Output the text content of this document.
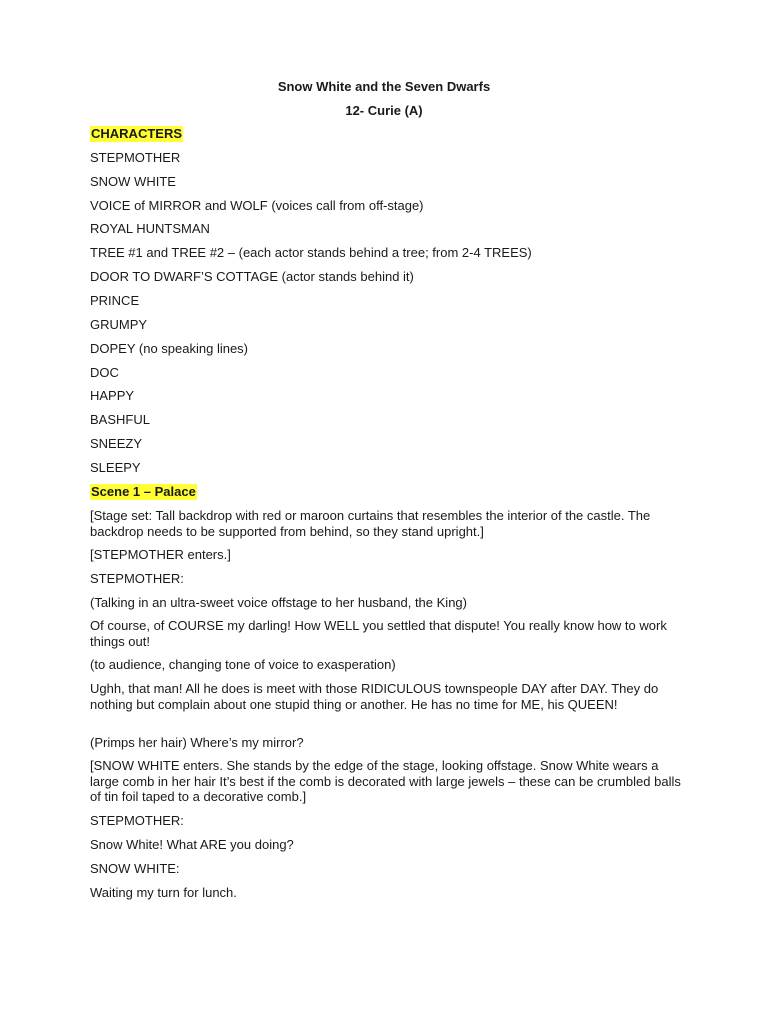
Snow White and the Seven Dwarfs
12- Curie (A)
CHARACTERS
STEPMOTHER
SNOW WHITE
VOICE of MIRROR and WOLF (voices call from off-stage)
ROYAL HUNTSMAN
TREE #1 and TREE #2 – (each actor stands behind a tree; from 2-4 TREES)
DOOR TO DWARF’S COTTAGE (actor stands behind it)
PRINCE
GRUMPY
DOPEY (no speaking lines)
DOC
HAPPY
BASHFUL
SNEEZY
SLEEPY
Scene 1 – Palace
[Stage set: Tall backdrop with red or maroon curtains that resembles the interior of the castle. The backdrop needs to be supported from behind, so they stand upright.]
[STEPMOTHER enters.]
STEPMOTHER:
(Talking in an ultra-sweet voice offstage to her husband, the King)
Of course, of COURSE my darling! How WELL you settled that dispute! You really know how to work things out!
(to audience, changing tone of voice to exasperation)
Ughh, that man! All he does is meet with those RIDICULOUS townspeople DAY after DAY. They do nothing but complain about one stupid thing or another. He has no time for ME, his QUEEN!
(Primps her hair) Where’s my mirror?
[SNOW WHITE enters. She stands by the edge of the stage, looking offstage. Snow White wears a large comb in her hair It’s best if the comb is decorated with large jewels – these can be crumbled balls of tin foil taped to a decorative comb.]
STEPMOTHER:
Snow White! What ARE you doing?
SNOW WHITE:
Waiting my turn for lunch.
